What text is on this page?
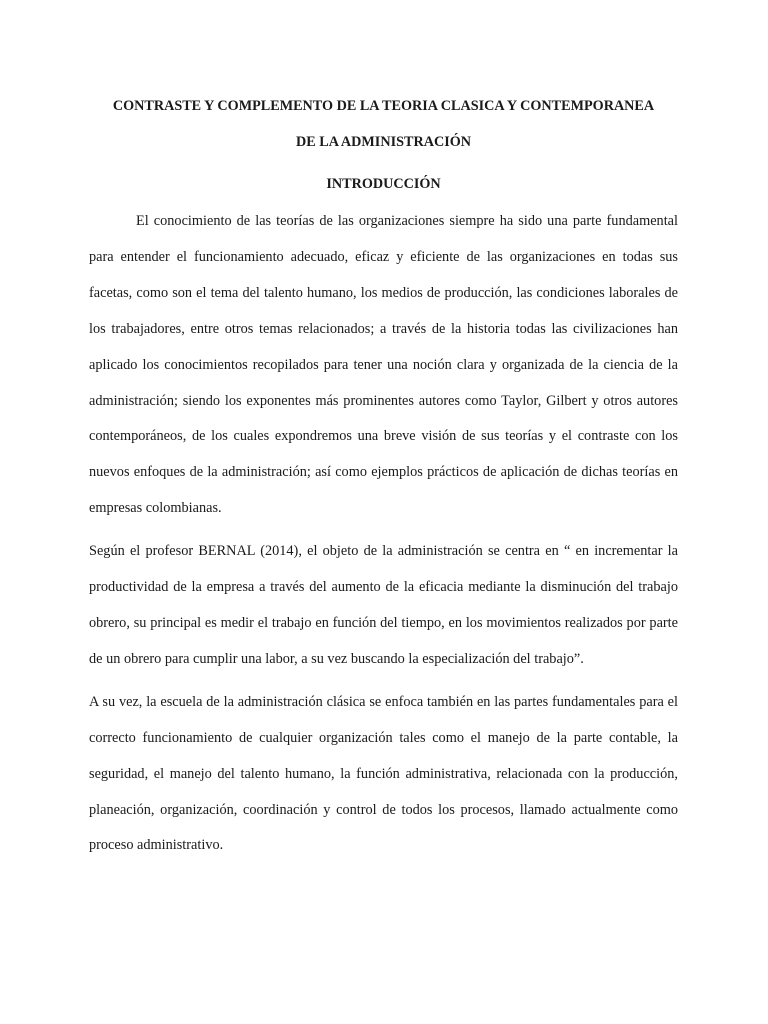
CONTRASTE Y COMPLEMENTO DE LA TEORIA CLASICA Y CONTEMPORANEA
DE LA ADMINISTRACIÓN
INTRODUCCIÓN

El conocimiento de las teorías de las organizaciones siempre ha sido una parte fundamental para entender el funcionamiento adecuado, eficaz y eficiente de las organizaciones en todas sus facetas, como son el tema del talento humano, los medios de producción, las condiciones laborales de los trabajadores, entre otros temas relacionados; a través de la historia todas las civilizaciones han aplicado los conocimientos recopilados para tener una noción clara y organizada de la ciencia de la administración; siendo los exponentes más prominentes autores como Taylor, Gilbert y otros autores contemporáneos, de los cuales expondremos una breve visión de sus teorías y el contraste con los nuevos enfoques de la administración; así como ejemplos prácticos de aplicación de dichas teorías en empresas colombianas.

Según el profesor BERNAL (2014), el objeto de la administración se centra en “ en incrementar la productividad de la empresa a través del aumento de la eficacia mediante la disminución del trabajo obrero, su principal es medir el trabajo en función del tiempo, en los movimientos realizados por parte de un obrero para cumplir una labor, a su vez buscando la especialización del trabajo”.

A su vez, la escuela de la administración clásica se enfoca también en las partes fundamentales para el correcto funcionamiento de cualquier organización tales como el manejo de la parte contable, la seguridad, el manejo del talento humano, la función administrativa, relacionada con la producción, planeación, organización, coordinación y control de todos los procesos, llamado actualmente como proceso administrativo.
